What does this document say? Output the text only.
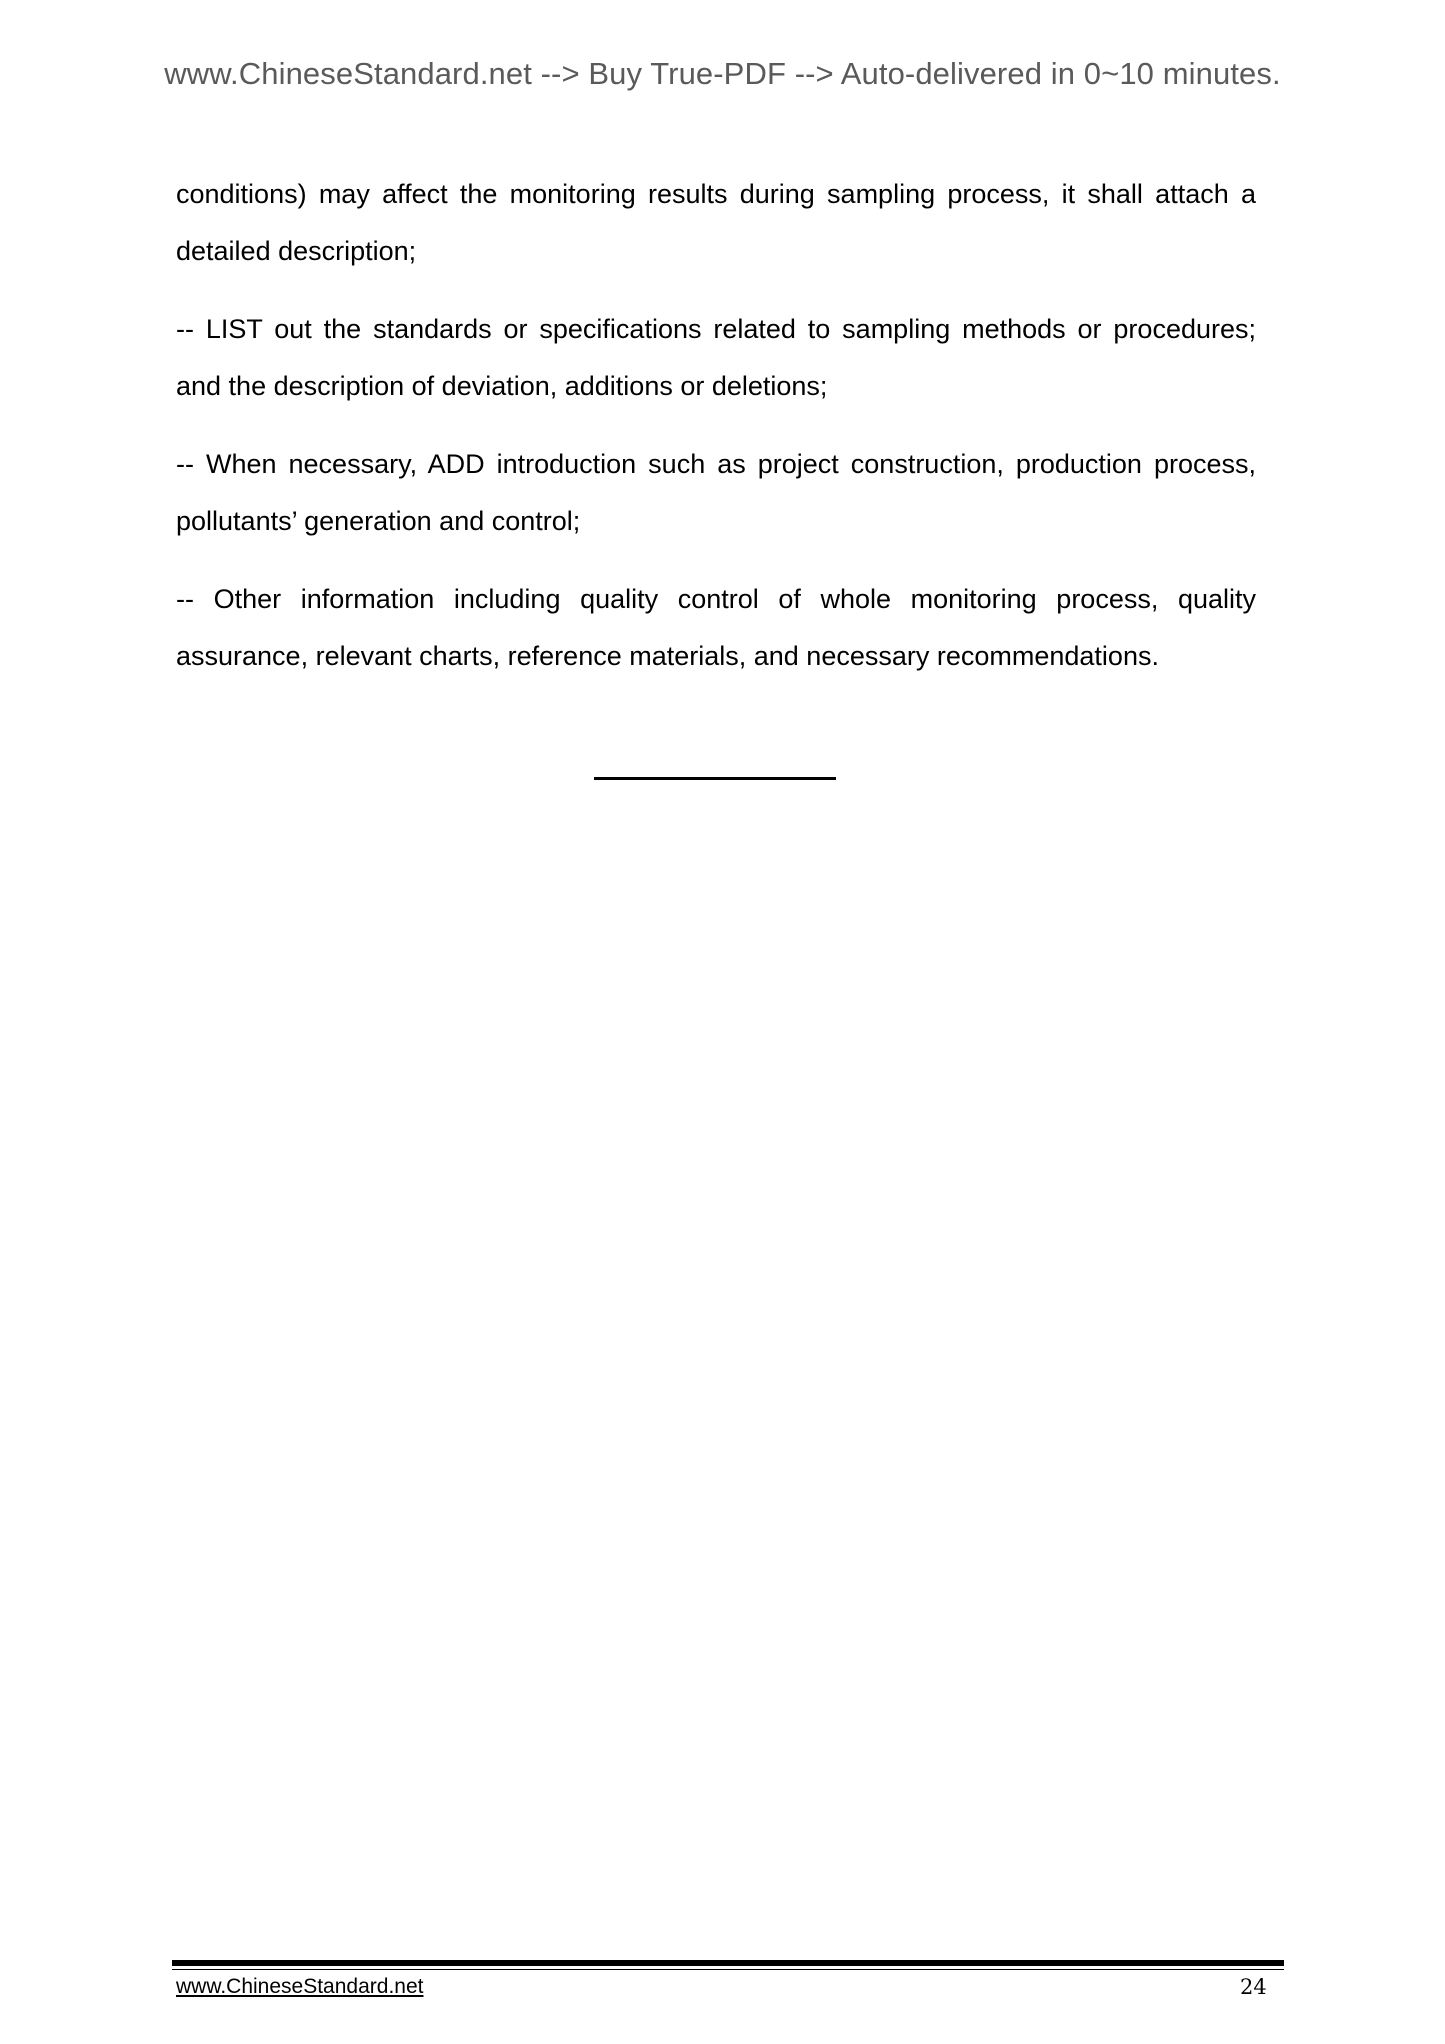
www.ChineseStandard.net --> Buy True-PDF --> Auto-delivered in 0~10 minutes.

conditions) may affect the monitoring results during sampling process, it shall attach a detailed description;

-- LIST out the standards or specifications related to sampling methods or procedures; and the description of deviation, additions or deletions;

-- When necessary, ADD introduction such as project construction, production process, pollutants’ generation and control;

-- Other information including quality control of whole monitoring process, quality assurance, relevant charts, reference materials, and necessary recommendations.

www.ChineseStandard.net	24
